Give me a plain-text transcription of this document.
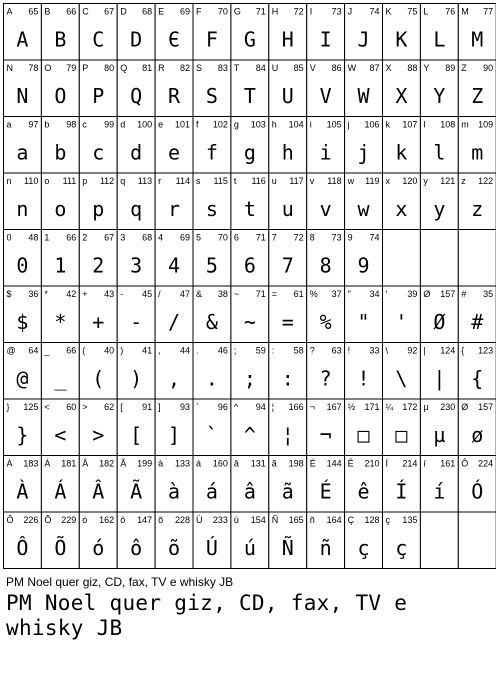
A 65
A
B 66
B
C 67
C
D 68
D
E 69
Є
F 70
F
G 71
G
H 72
H
I 73
I
J 74
J
K 75
K
L 76
L
M 77
M
N 78
N
O 79
O
P 80
P
Q 81
Q
R 82
R
S 83
S
T 84
T
U 85
U
V 86
V
W 87
W
X 88
X
Y 89
Y
Z 90
Z
a 97
a
b 98
b
c 99
c
d 100
d
e 101
e
f 102
f
g 103
g
h 104
h
i 105
i
j 106
j
k 107
k
l 108
l
m 109
m
n 110
n
o 111
o
p 112
p
q 113
q
r 114
r
s 115
s
t 116
t
u 117
u
v 118
v
w 119
w
x 120
x
y 121
y
z 122
z
0 48
0
1 66
1
2 67
2
3 68
3
4 69
4
5 70
5
6 71
6
7 72
7
8 73
8
9 74
9
$ 36
$
* 42
*
+ 43
+
- 45
-
/ 47
/
& 38
&
~ 71
~
= 61
=
% 37
%
" 34
"
' 39
'
Ø 157
Ø
# 35
#
@ 64
@
_ 66
_
( 40
(
) 41
)
, 44
,
. 46
.
; 59
;
: 58
:
? 63
?
! 33
!
\ 92
\
| 124
|
{ 123
{
} 125
}
< 60
<
> 62
>
[ 91
[
] 93
]
` 96
`
^ 94
^
¦ 166
¦
¬ 167
¬
½ 171
□
¼ 172
□
µ 230
µ
Ø 157
ø
À 183
À
Á 181
Á
Â 182
Â
Ã 199
Ã
à 133
à
á 160
á
â 131
â
ã 198
ã
É 144
É
Ê 210
ê
Í 214
Í
í 161
í
Ô 224
Ó
Ô 226
Ô
Õ 229
Õ
ó 162
ó
ô 147
ô
õ 228
õ
Ú 233
Ú
ú 154
ú
Ñ 165
Ñ
ñ 164
ñ
Ç 128
ç
ç 135
ç
PM Noel quer giz, CD, fax, TV e whisky JB
PM Noel quer giz, CD, fax, TV e whisky JB
